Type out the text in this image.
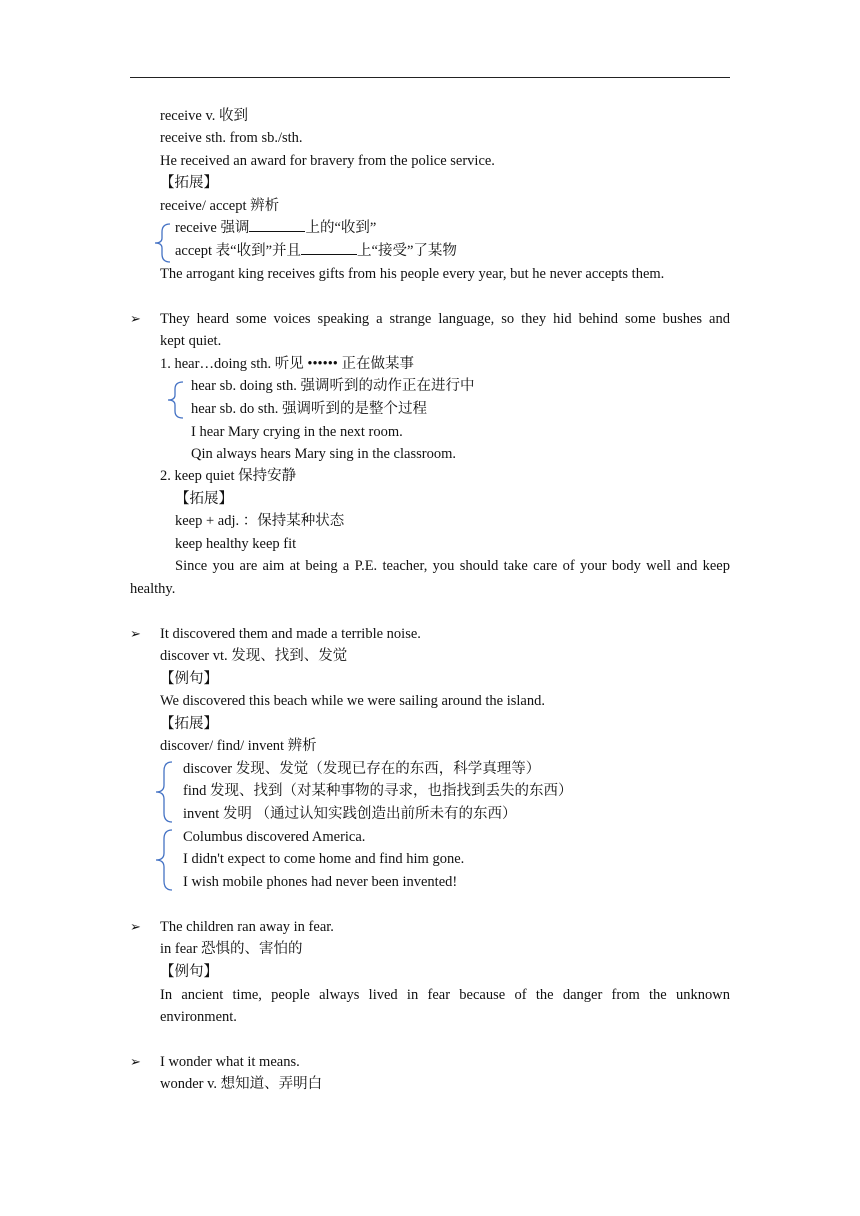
receive v. 收到
receive sth. from sb./sth.
He received an award for bravery from the police service.
【拓展】
receive/ accept 辨析
receive 强调	上的“收到”
accept 表“收到”并且	上“接受”了某物
The arrogant king receives gifts from his people every year, but he never accepts them.
➢ They heard some voices speaking a strange language, so they hid behind some bushes and
kept quiet.
1. hear…doing sth. 听见 •••••• 正在做某事
hear sb. doing sth. 强调听到的动作正在进行中
hear sb. do sth. 强调听到的是整个过程
I hear Mary crying in the next room.
Qin always hears Mary sing in the classroom.
2. keep quiet 保持安静
【拓展】
keep + adj. ：保持某种状态
keep healthy keep fit
Since you are aim at being a P.E. teacher, you should take care of your body well and keep
healthy.
➢ It discovered them and made a terrible noise.
discover vt. 发现、找到、发觉
【例句】
We discovered this beach while we were sailing around the island.
【拓展】
discover/ find/ invent 辨析
discover 发现、发觉（发现已存在的东西，科学真理等）
find 发现、找到（对某种事物的寻求，也指找到丢失的东西）
invent 发明 （通过认知实践创造出前所未有的东西）
Columbus discovered America.
I didn't expect to come home and find him gone.
I wish mobile phones had never been invented!
➢ The children ran away in fear.
in fear 恐惧的、害怕的
【例句】
In ancient time, people always lived in fear because of the danger from the unknown
environment.
➢ I wonder what it means.
wonder v. 想知道、弄明白
